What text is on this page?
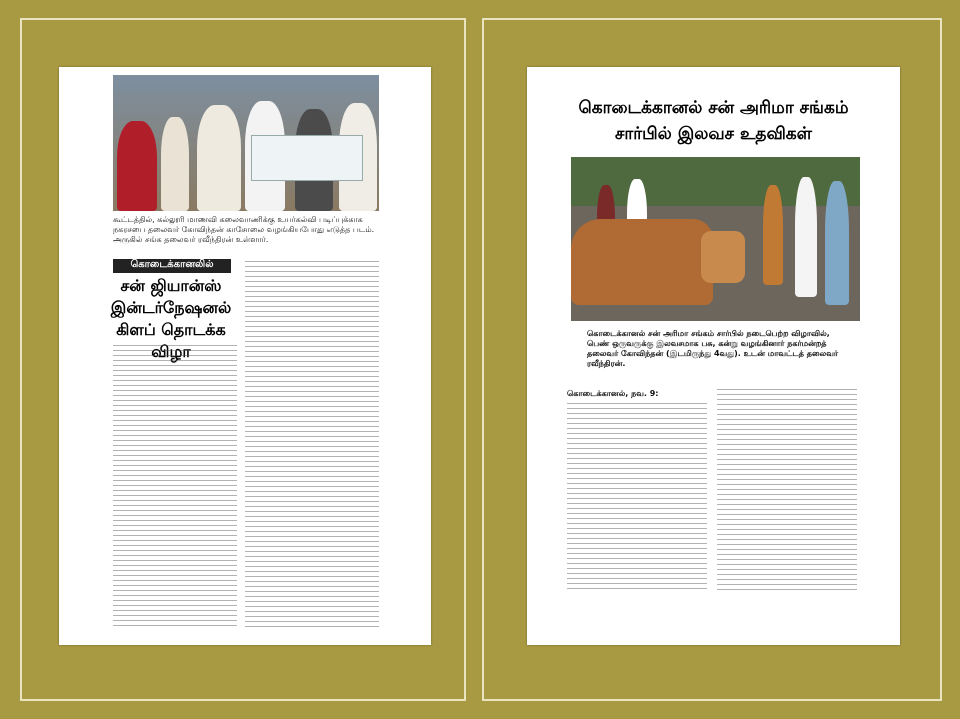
கூட்டத்தில், கல்லூரி மாணவி கலைவாணிக்கு உயர்கல்வி படிப்புக்காக நகரசபை தலைவர் கோவிந்தன் காசோலை வழங்கியபோது எடுத்த படம். அருகில் சங்க தலைவர் ரவீந்திரன் உள்ளார்.
கொடைக்கானலில்
சன் ஜியான்ஸ் இன்டர்நேஷனல் கிளப் தொடக்க விழா
கொடைக்கானல் சன் அரிமா சங்கம் சார்பில் இலவச உதவிகள்
கொடைக்கானல் சன் அரிமா சங்கம் சார்பில் நடைபெற்ற விழாவில், பெண் ஒருவருக்கு இலவசமாக பசு, கன்று வழங்கினார் நகர்மன்றத் தலைவர் கோவிந்தன் (இடமிருந்து 4வது). உடன் மாவட்டத் தலைவர் ரவீந்திரன்.
கொடைக்கானல், நவ. 9:
